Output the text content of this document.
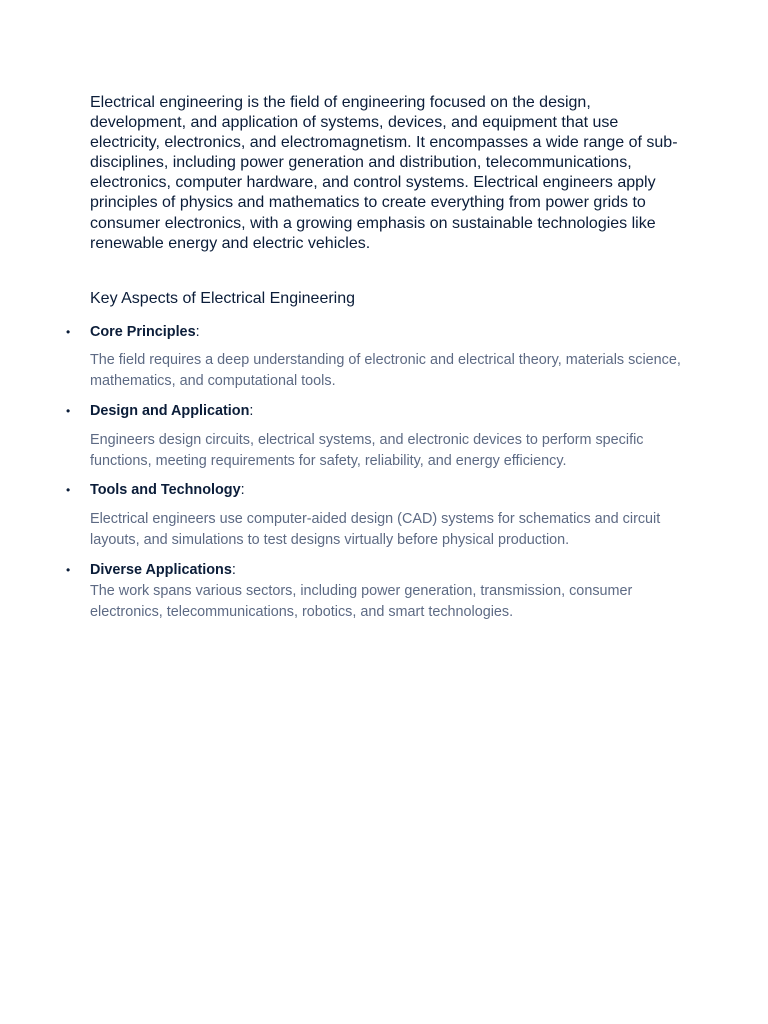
Electrical engineering is the field of engineering focused on the design, development, and application of systems, devices, and equipment that use electricity, electronics, and electromagnetism. It encompasses a wide range of sub-disciplines, including power generation and distribution, telecommunications, electronics, computer hardware, and control systems. Electrical engineers apply principles of physics and mathematics to create everything from power grids to consumer electronics, with a growing emphasis on sustainable technologies like renewable energy and electric vehicles.

Key Aspects of Electrical Engineering
• Core Principles:

The field requires a deep understanding of electronic and electrical theory, materials science, mathematics, and computational tools.

• Design and Application:

Engineers design circuits, electrical systems, and electronic devices to perform specific functions, meeting requirements for safety, reliability, and energy efficiency.

• Tools and Technology:

Electrical engineers use computer-aided design (CAD) systems for schematics and circuit layouts, and simulations to test designs virtually before physical production.

• Diverse Applications:

The work spans various sectors, including power generation, transmission, consumer electronics, telecommunications, robotics, and smart technologies.
